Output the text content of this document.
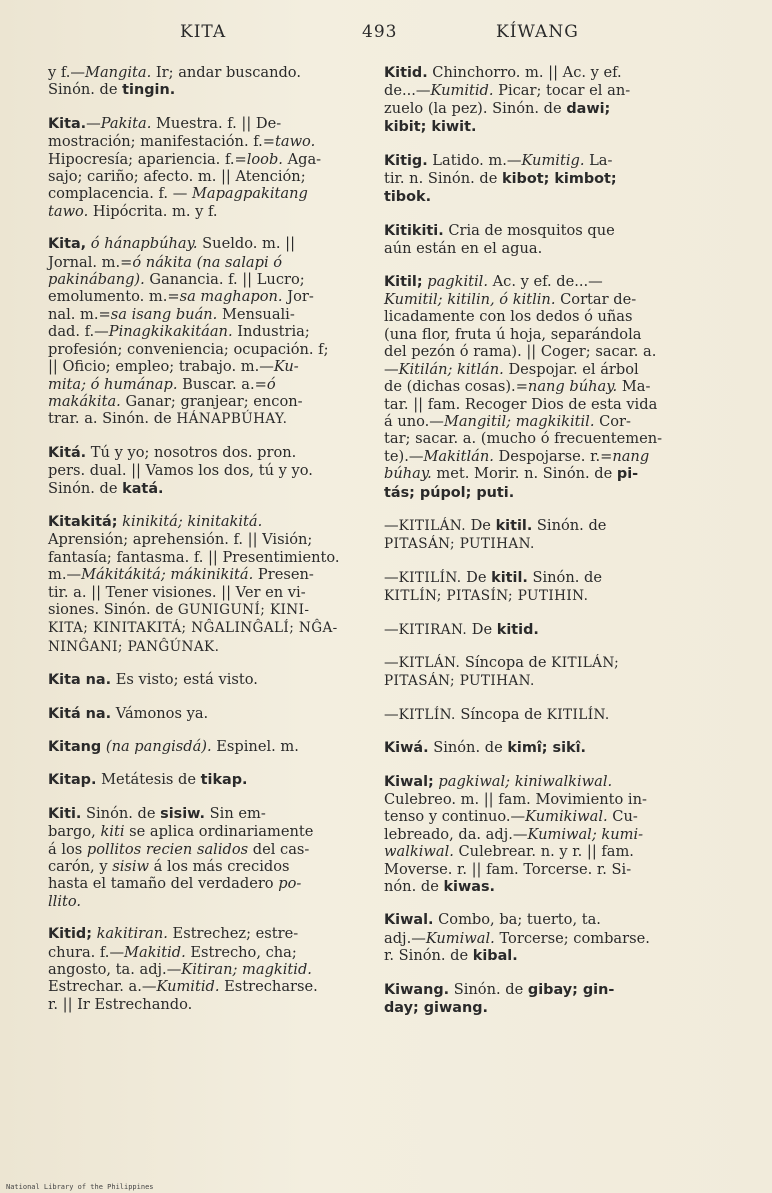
KITA	493	KÍWANG
y f.—Mangita. Ir; andar buscando.
Sinón. de tingin.
Kita.—Pakita. Muestra. f. || De-
mostración; manifestación. f.=tawo.
Hipocresía; apariencia. f.=loob. Aga-
sajo; cariño; afecto. m. || Atención;
complacencia. f. — Mapagpakitang
tawo. Hipócrita. m. y f.
Kita, ó hánapbúhay. Sueldo. m. ||
Jornal. m.=ó nákita (na salapi ó
pakinábang). Ganancia. f. || Lucro;
emolumento. m.=sa maghapon. Jor-
nal. m.=sa isang buán. Mensuali-
dad. f.—Pinagkikakitáan. Industria;
profesión; conveniencia; ocupación. f;
|| Oficio; empleo; trabajo. m.—Ku-
mita; ó humánap. Buscar. a.=ó
makákita. Ganar; granjear; encon-
trar. a. Sinón. de HÁNAPBÚHAY.
Kitá. Tú y yo; nosotros dos. pron.
pers. dual. || Vamos los dos, tú y yo.
Sinón. de katá.
Kitakitá; kinikitá; kinitakitá.
Aprensión; aprehensión. f. || Visión;
fantasía; fantasma. f. || Presentimiento.
m.—Mákitákitá; mákinikitá. Presen-
tir. a. || Tener visiones. || Ver en vi-
siones. Sinón. de GUNIGUNÍ; KINI-
KITA; KINITAKITÁ; NĜALINĜALÍ; NĜA-
NINĜANI; PANĜÚNAK.
Kita na. Es visto; está visto.
Kitá na. Vámonos ya.
Kitang (na pangisdá). Espinel. m.
Kitap. Metátesis de tikap.
Kiti. Sinón. de sisiw. Sin em-
bargo, kiti se aplica ordinariamente
á los pollitos recien salidos del cas-
carón, y sisiw á los más crecidos
hasta el tamaño del verdadero po-
llito.
Kitid; kakitiran. Estrechez; estre-
chura. f.—Makitid. Estrecho, cha;
angosto, ta. adj.—Kitiran; magkitid.
Estrechar. a.—Kumitid. Estrecharse.
r. || Ir Estrechando.
Kitid. Chinchorro. m. || Ac. y ef.
de...—Kumitid. Picar; tocar el an-
zuelo (la pez). Sinón. de dawi;
kibit; kiwit.
Kitig. Latido. m.—Kumitig. La-
tir. n. Sinón. de kibot; kimbot;
tibok.
Kitikiti. Cria de mosquitos que
aún están en el agua.
Kitil; pagkitil. Ac. y ef. de...—
Kumitil; kitilin, ó kitlin. Cortar de-
licadamente con los dedos ó uñas
(una flor, fruta ú hoja, separándola
del pezón ó rama). || Coger; sacar. a.
—Kitilán; kitlán. Despojar. el árbol
de (dichas cosas).=nang búhay. Ma-
tar. || fam. Recoger Dios de esta vida
á uno.—Mangitil; magkikitil. Cor-
tar; sacar. a. (mucho ó frecuentemen-
te).—Makitlán. Despojarse. r.=nang
búhay. met. Morir. n. Sinón. de pi-
tás; púpol; puti.
—KITILÁN. De kitil. Sinón. de
PITASÁN; PUTIHAN.
—KITILÍN. De kitil. Sinón. de
KITLÍN; PITASÍN; PUTIHIN.
—KITIRAN. De kitid.
—KITLÁN. Síncopa de KITILÁN;
PITASÁN; PUTIHAN.
—KITLÍN. Síncopa de KITILÍN.
Kiwá. Sinón. de kimî; sikî.
Kiwal; pagkiwal; kiniwalkiwal.
Culebreo. m. || fam. Movimiento in-
tenso y continuo.—Kumikiwal. Cu-
lebreado, da. adj.—Kumiwal; kumi-
walkiwal. Culebrear. n. y r. || fam.
Moverse. r. || fam. Torcerse. r. Si-
nón. de kiwas.
Kiwal. Combo, ba; tuerto, ta.
adj.—Kumiwal. Torcerse; combarse.
r. Sinón. de kibal.
Kiwang. Sinón. de gibay; gin-
day; giwang.
National Library of the Philippines
